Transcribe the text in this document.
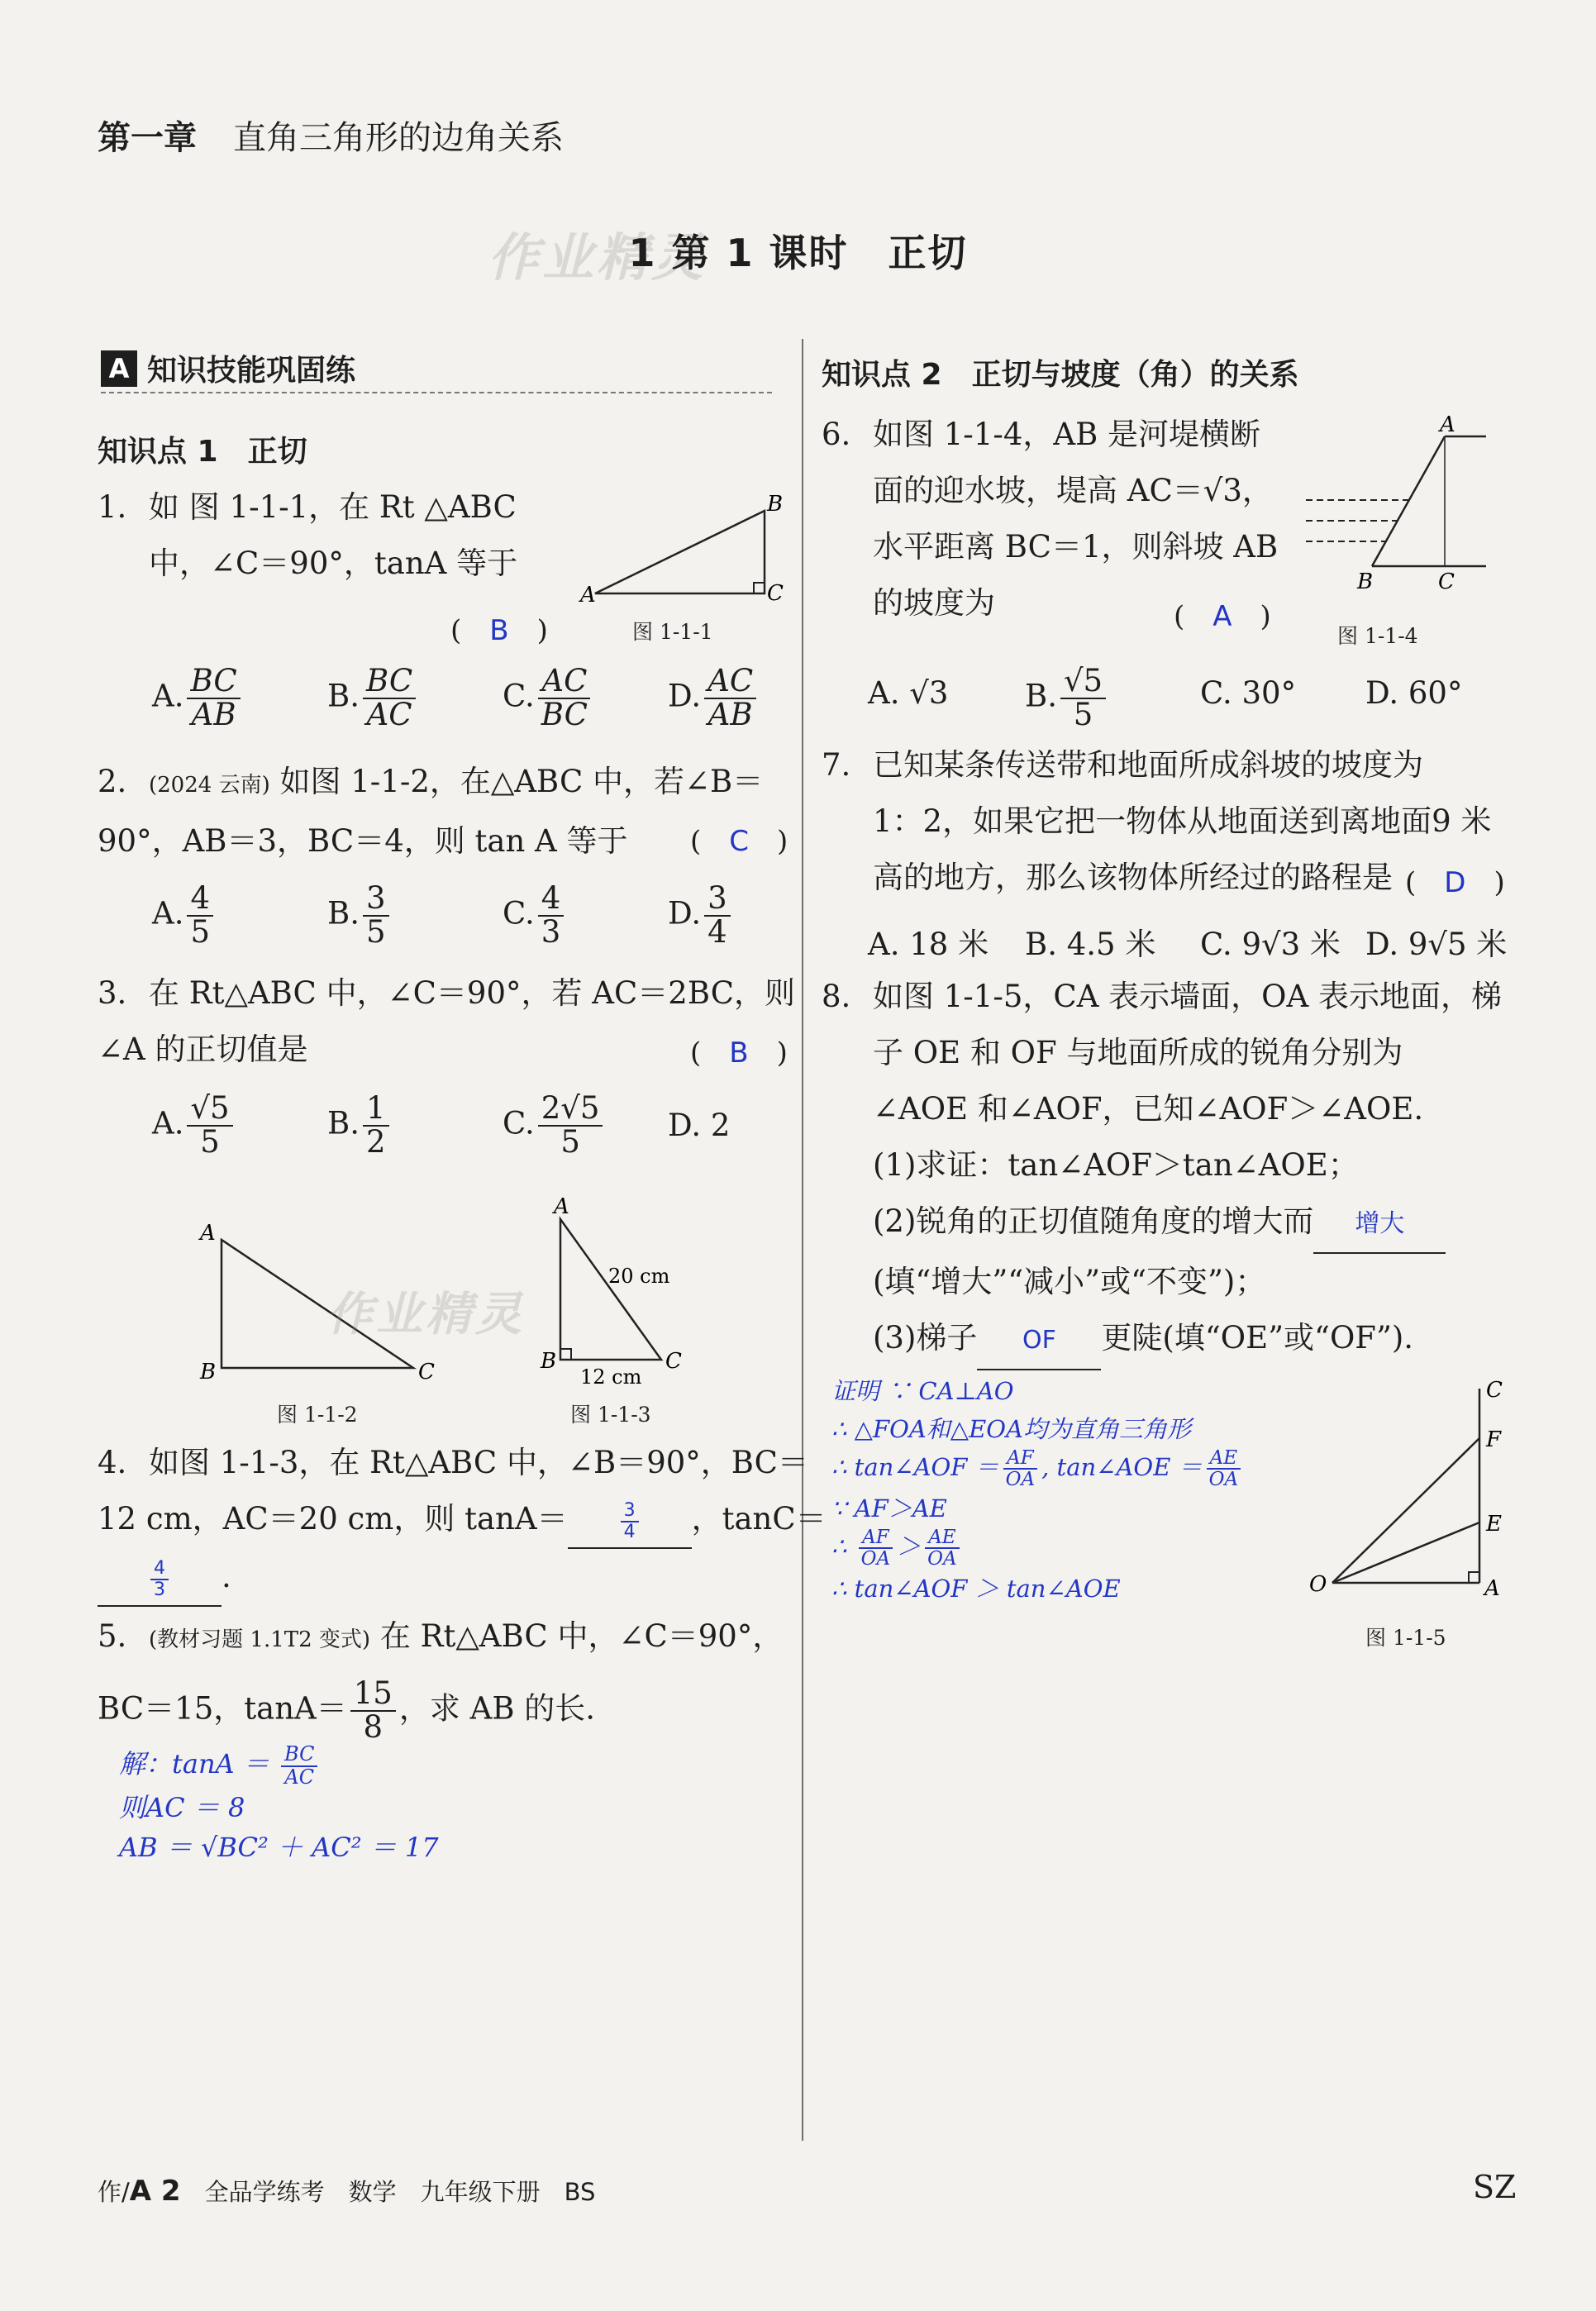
第一章 直角三角形的边角关系
作业精灵
1 第 1 课时　正切
A 知识技能巩固练
知识点 1　正切
1. 如 图 1-1-1，在 Rt △ABC
中，∠C＝90°，tanA 等于
(　B　)
A
B
C
图 1-1-1
A. $\frac{BC}{AB}$	B. $\frac{BC}{AC}$	C. $\frac{AC}{BC}$	D. $\frac{AC}{AB}$
2. (2024 云南) 如图 1-1-2，在△ABC 中，若∠B＝
90°，AB＝3，BC＝4，则 tan A 等于	(　C　)
A. $\frac{4}{5}$	B. $\frac{3}{5}$	C. $\frac{4}{3}$	D. $\frac{3}{4}$
3. 在 Rt△ABC 中，∠C＝90°，若 AC＝2BC，则
∠A 的正切值是	(　B　)
A. $\frac{√5}{5}$	B. $\frac{1}{2}$	C. $\frac{2√5}{5} D$. 2
A
B	C
作业精灵
图 1-1-2
A
B	C
20 cm
12 cm
图 1-1-3
4. 如图 1-1-3，在 Rt△ABC 中，∠B＝90°，BC＝
12 cm，AC＝20 cm，则 tanA＝	$\frac{3}{4}$ ，tanC＝
$\frac{4}{3}$ .
5. (教材习题 1.1T2 变式) 在 Rt△ABC 中，∠C＝90°，
BC＝15，$\tan A= \frac{15}{8}$ ，求 AB 的长.
解：$\tan A = \frac{BC}{AC}$
则AC ＝ 8
AB ＝ √BC² ＋ AC² ＝ 17
知识点 2　正切与坡度（角）的关系
6. 如图 1-1-4，AB 是河堤横断
面的迎水坡，堤高 AC＝√3，
水平距离 BC＝1，则斜坡 AB
的坡度为	(　A　)
A
B	C
图 1-1-4
A. √3	B. $\frac{√5}{5}$	C. 30°	D. 60°
7. 已知某条传送带和地面所成斜坡的坡度为
1：2，如果它把一物体从地面送到离地面9 米
高的地方，那么该物体所经过的路程是 (　D　)
A. 18 米	B. 4.5 米	C. 9√3 米 D. 9√5 米
8. 如图 1-1-5，CA 表示墙面，OA 表示地面，梯
子 OE 和 OF 与地面所成的锐角分别为
∠AOE 和∠AOF，已知∠AOF＞∠AOE.
(1)求证：tan∠AOF＞tan∠AOE；
(2)锐角的正切值随角度的增大而 增大
(填“增大”“减小”或“不变”)；
(3)梯子 OF 更陡(填“OE”或“OF”).
证明 ∵ CA⊥AO
∴ △FOA和△EOA均为直角三角形
∴ tan∠AOF ＝ $\frac{AF}{OA}$ , tan∠AOE ＝ $\frac{AE}{OA}$
∵ AF＞AE
∴ $\frac{AF}{OA} > \frac{AE}{OA}$
∴ tan∠AOF ＞ tan∠AOE
C
F
E
O	A
图 1-1-5
作/A 2　 全品学练考　数学　九年级下册　BS	SZ
